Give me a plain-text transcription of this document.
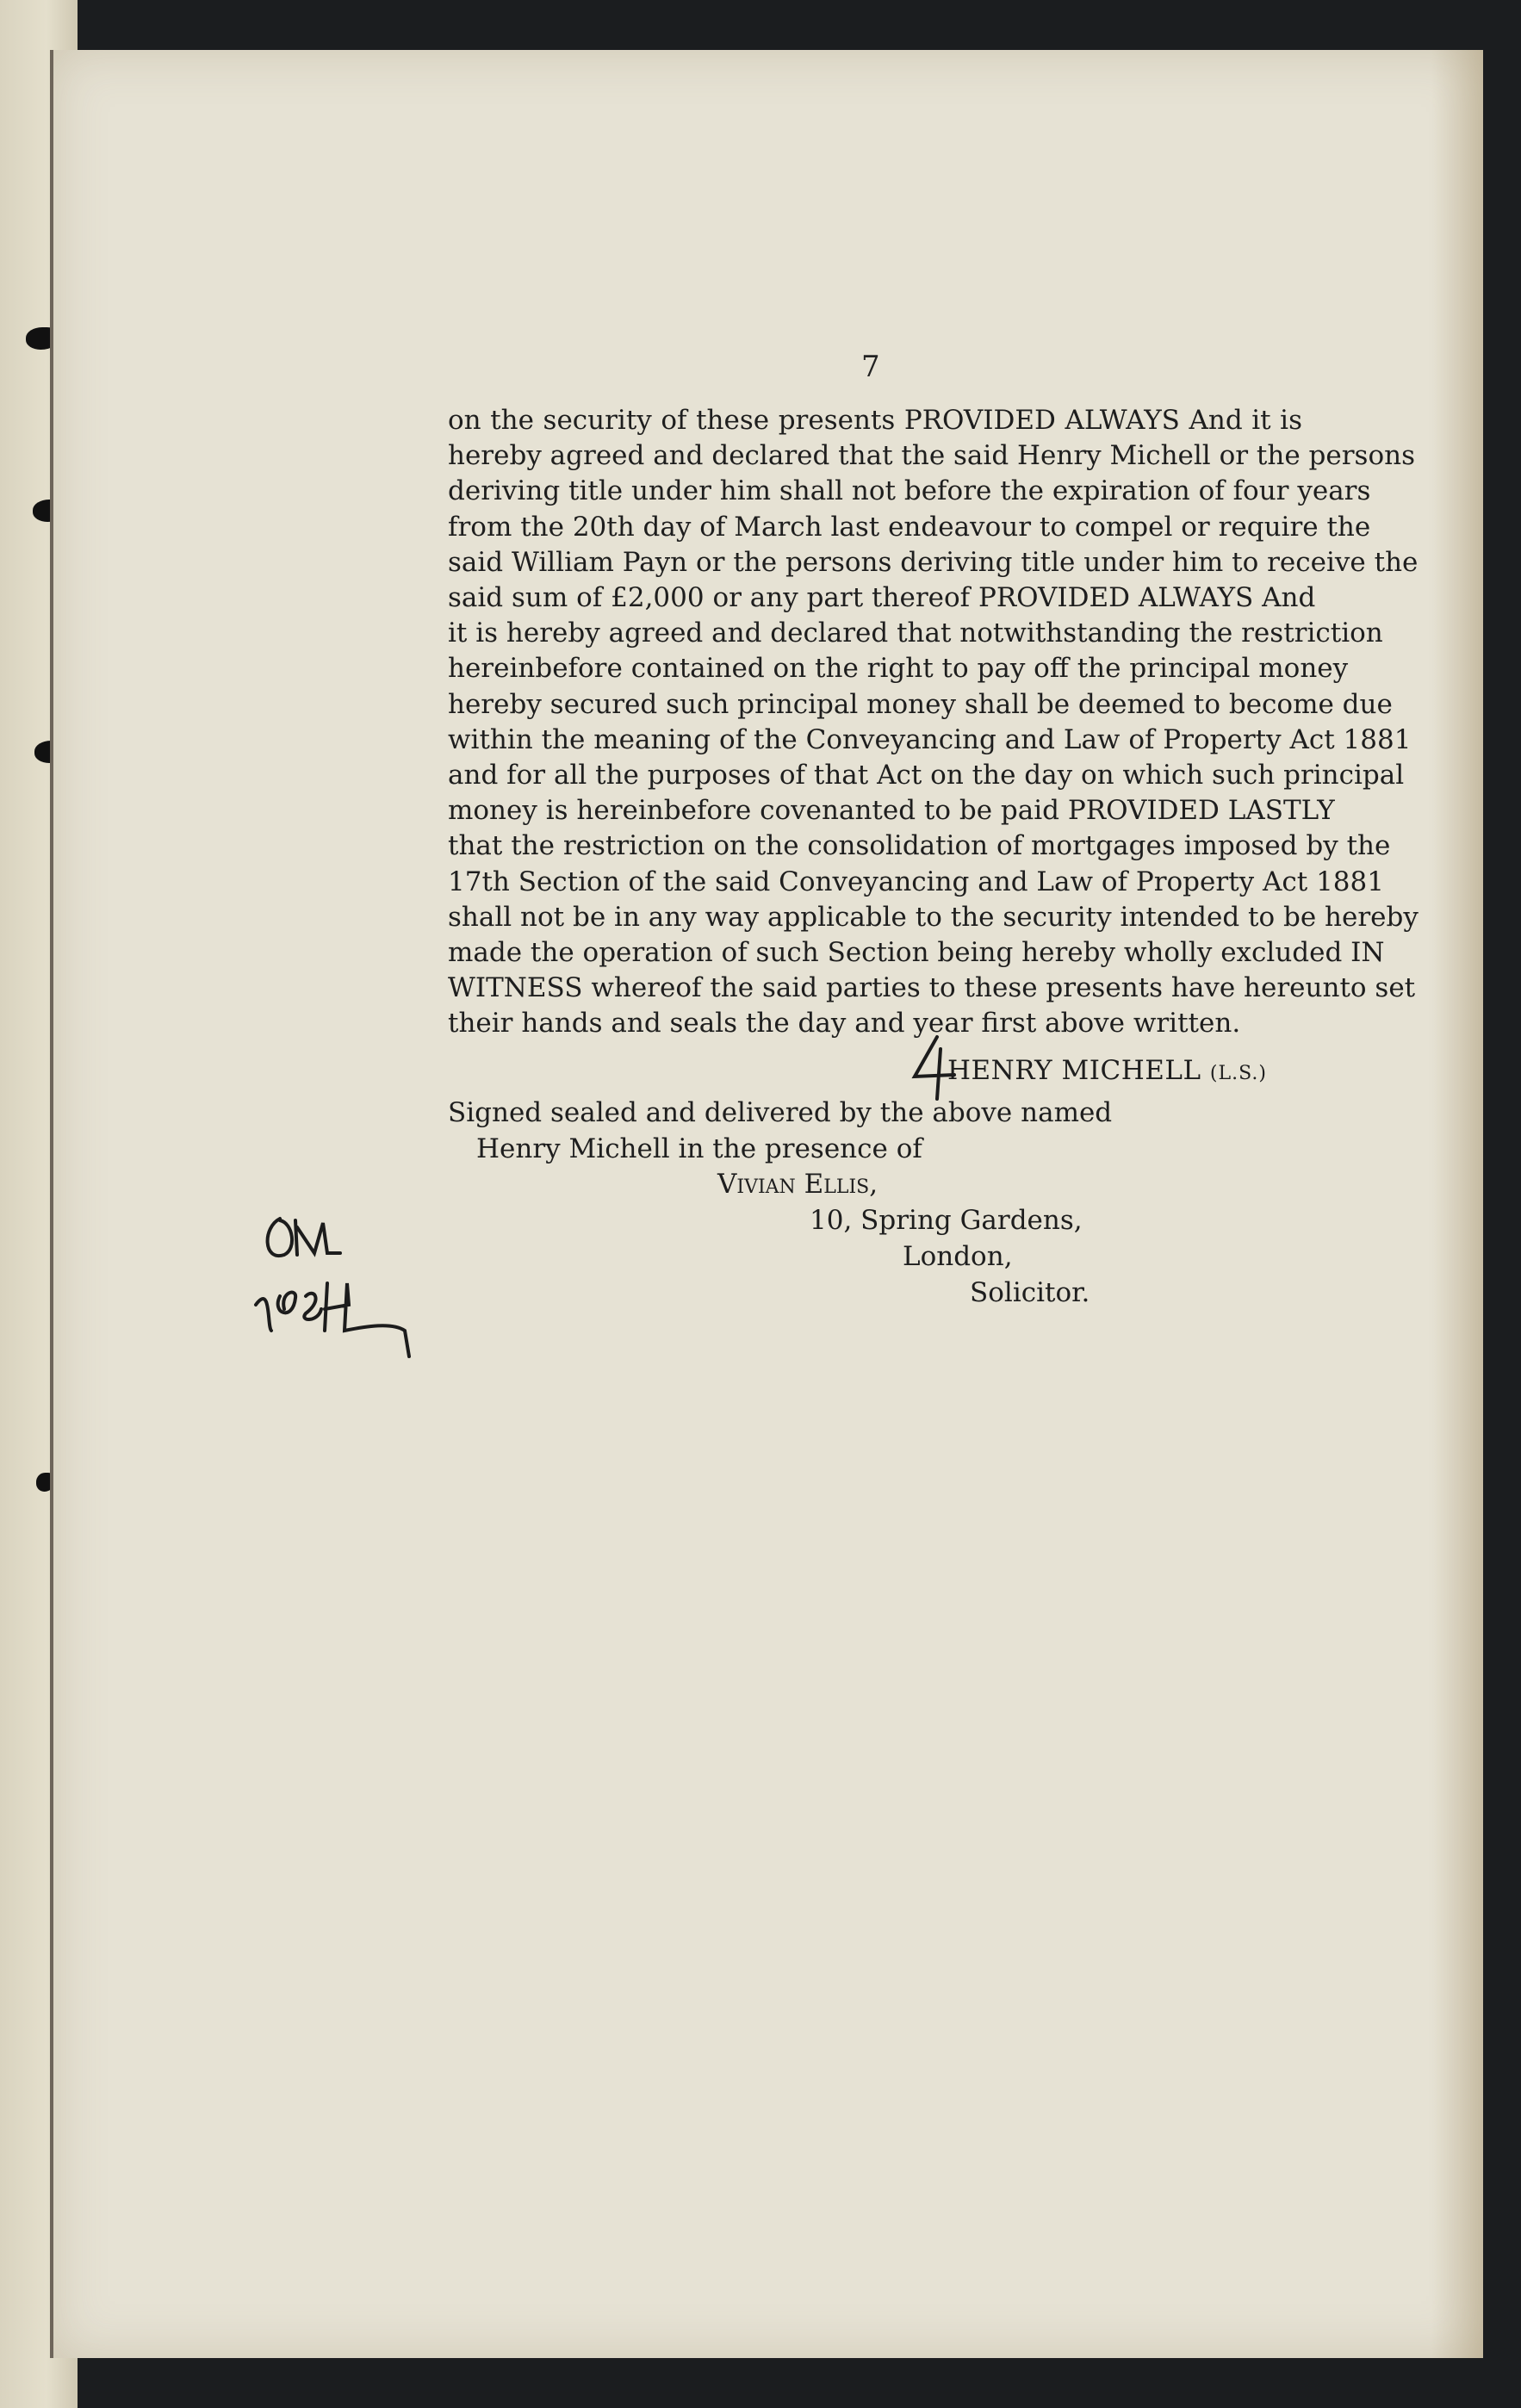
7
on the security of these presents PROVIDED ALWAYS And it is
hereby agreed and declared that the said Henry Michell or the persons
deriving title under him shall not before the expiration of four years
from the 20th day of March last endeavour to compel or require the
said William Payn or the persons deriving title under him to receive the
said sum of £2,000 or any part thereof PROVIDED ALWAYS And
it is hereby agreed and declared that notwithstanding the restriction
hereinbefore contained on the right to pay off the principal money
hereby secured such principal money shall be deemed to become due
within the meaning of the Conveyancing and Law of Property Act 1881
and for all the purposes of that Act on the day on which such principal
money is hereinbefore covenanted to be paid PROVIDED LASTLY
that the restriction on the consolidation of mortgages imposed by the
17th Section of the said Conveyancing and Law of Property Act 1881
shall not be in any way applicable to the security intended to be hereby
made the operation of such Section being hereby wholly excluded IN
WITNESS whereof the said parties to these presents have hereunto set
their hands and seals the day and year first above written.
HENRY MICHELL (L.S.)
Signed sealed and delivered by the above named
Henry Michell in the presence of
Vivian Ellis,
10, Spring Gardens,
London,
Solicitor.
